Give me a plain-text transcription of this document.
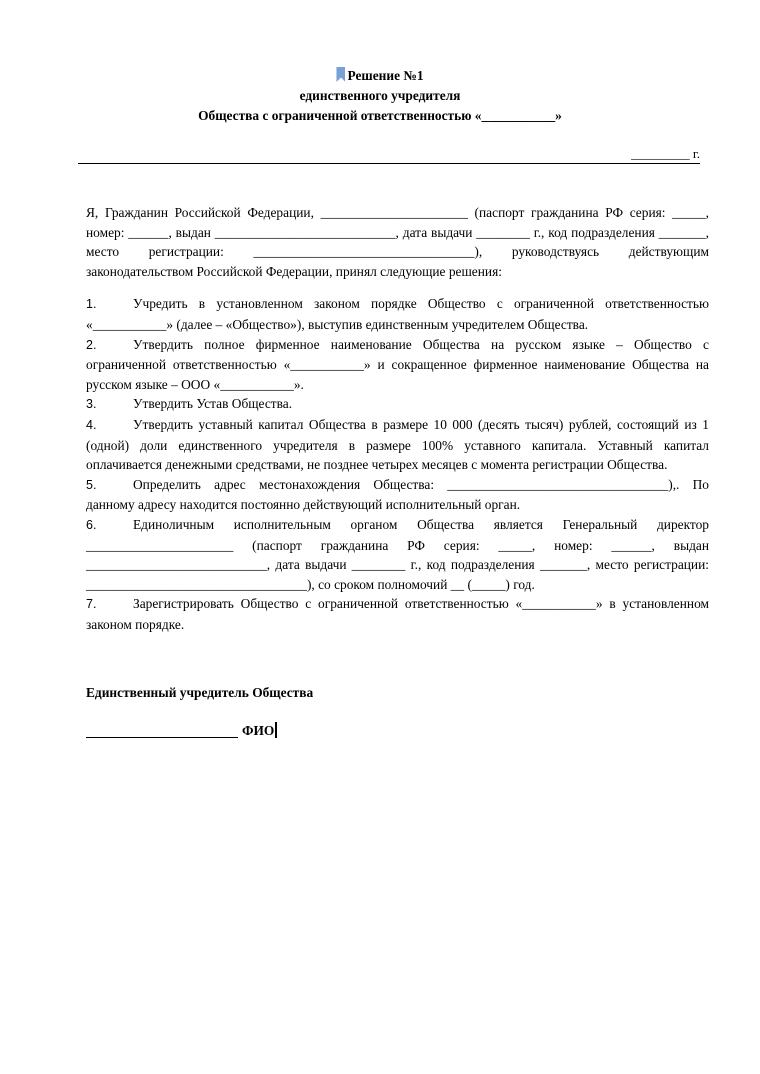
Решение №1
единственного учредителя
Общества с ограниченной ответственностью «___________»
_________ г.

Я, Гражданин Российской Федерации, ______________________ (паспорт гражданина РФ серия: _____, номер: ______, выдан ___________________________, дата выдачи ________ г., код подразделения _______, место регистрации: _________________________________), руководствуясь действующим законодательством Российской Федерации, принял следующие решения:

1.	Учредить в установленном законом порядке Общество с ограниченной ответственностью «___________» (далее – «Общество»), выступив единственным учредителем Общества.
2.	Утвердить полное фирменное наименование Общества на русском языке – Общество с ограниченной ответственностью «___________» и сокращенное фирменное наименование Общества на русском языке – ООО «___________».
3.	Утвердить Устав Общества.
4.	Утвердить уставный капитал Общества в размере 10 000 (десять тысяч) рублей, состоящий из 1 (одной) доли единственного учредителя в размере 100% уставного капитала. Уставный капитал оплачивается денежными средствами, не позднее четырех месяцев с момента регистрации Общества.
5.	Определить адрес местонахождения Общества: _________________________________),. По данному адресу находится постоянно действующий исполнительный орган.
6.	Единоличным исполнительным органом Общества является Генеральный директор ______________________ (паспорт гражданина РФ серия: _____, номер: ______, выдан ___________________________, дата выдачи ________ г., код подразделения _______, место регистрации: _________________________________), со сроком полномочий __ (_____) год.
7.	Зарегистрировать Общество с ограниченной ответственностью «___________» в установленном законом порядке.
Единственный учредитель Общества
ФИО
